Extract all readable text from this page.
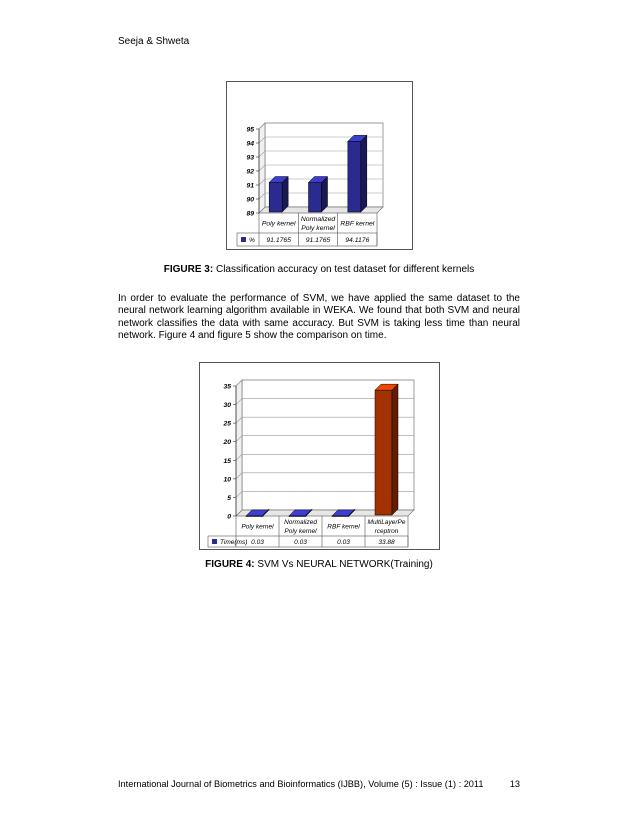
Seeja & Shweta
89
90
91
92
93
94
95
Poly kernel
91.1765
Normalized
Poly kernel
91.1765
RBF kernel
94.1176
%
FIGURE 3: Classification accuracy on test dataset for different kernels
In order to evaluate the performance of SVM, we have applied the same dataset to the neural network learning algorithm available in WEKA. We found that both SVM and neural network classifies the data with same accuracy. But SVM is taking less time than neural network. Figure 4 and figure 5 show the comparison on time.
0
5
10
15
20
25
30
35
Poly kernel
0.03
Normalized
Poly kernel
0.03
RBF kernel
0.03
MultiLayerPe
rceptron
33.88
Time(ms)
FIGURE 4: SVM Vs NEURAL NETWORK(Training)
International Journal of Biometrics and Bioinformatics (IJBB), Volume (5) : Issue (1) : 2011	13
